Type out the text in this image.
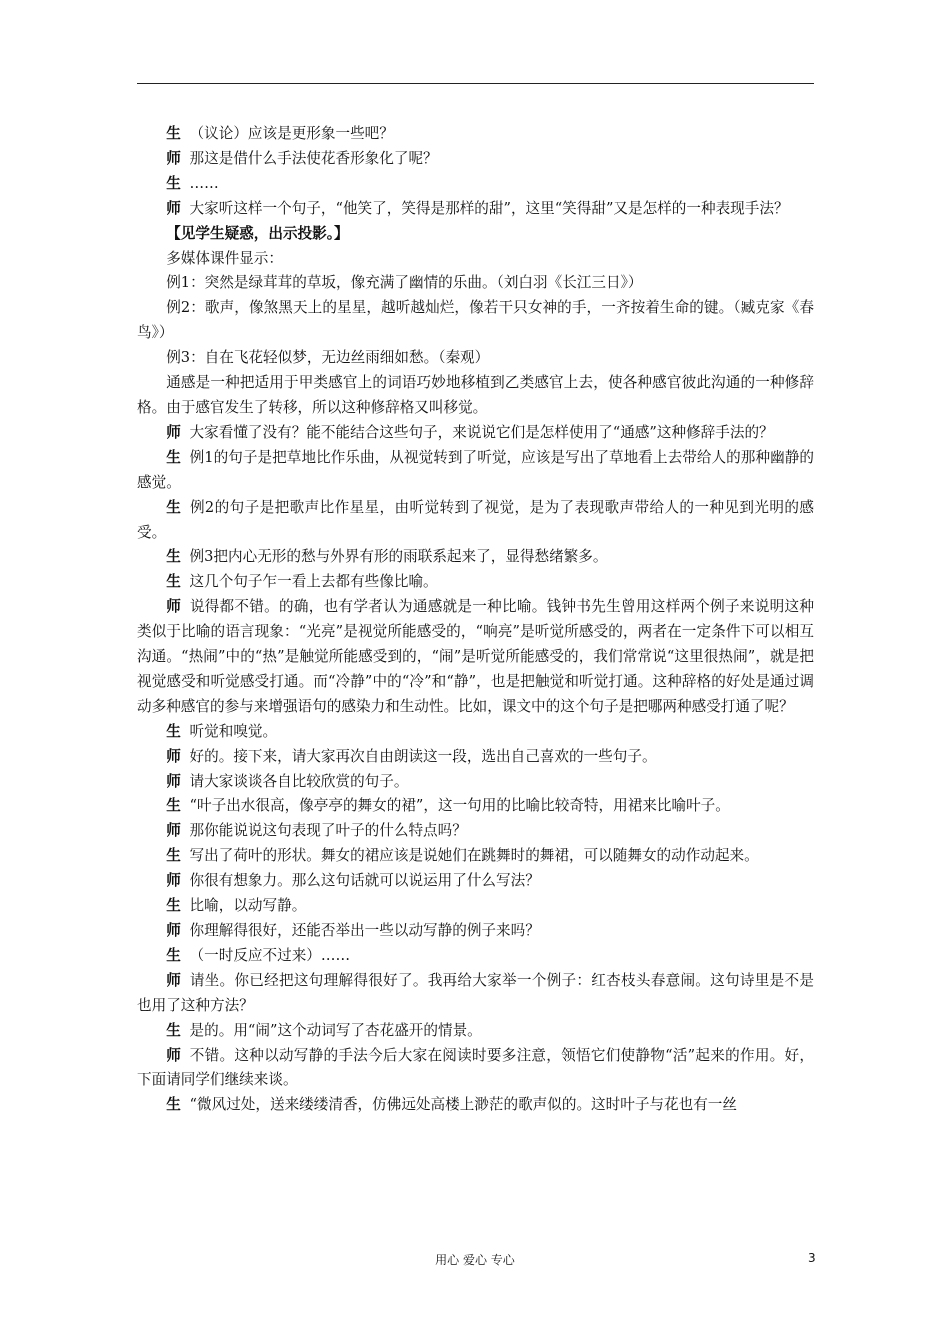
生 （议论）应该是更形象一些吧？

师 那这是借什么手法使花香形象化了呢？

生 ……

师 大家听这样一个句子，“他笑了，笑得是那样的甜”，这里“笑得甜”又是怎样的一种表现手法？

【见学生疑惑，出示投影。】

多媒体课件显示：

例1：突然是绿茸茸的草坂，像充满了幽情的乐曲。（刘白羽《长江三日》）

例2：歌声，像煞黑天上的星星，越听越灿烂，像若干只女神的手，一齐按着生命的键。（臧克家《春鸟》）

例3：自在飞花轻似梦，无边丝雨细如愁。（秦观）

通感是一种把适用于甲类感官上的词语巧妙地移植到乙类感官上去，使各种感官彼此沟通的一种修辞格。由于感官发生了转移，所以这种修辞格又叫移觉。

师 大家看懂了没有？能不能结合这些句子，来说说它们是怎样使用了“通感”这种修辞手法的？

生 例1的句子是把草地比作乐曲，从视觉转到了听觉，应该是写出了草地看上去带给人的那种幽静的感觉。

生 例2的句子是把歌声比作星星，由听觉转到了视觉，是为了表现歌声带给人的一种见到光明的感受。

生 例3把内心无形的愁与外界有形的雨联系起来了，显得愁绪繁多。

生 这几个句子乍一看上去都有些像比喻。

师 说得都不错。的确，也有学者认为通感就是一种比喻。钱钟书先生曾用这样两个例子来说明这种类似于比喻的语言现象：“光亮”是视觉所能感受的，“响亮”是听觉所感受的，两者在一定条件下可以相互沟通。“热闹”中的“热”是触觉所能感受到的，“闹”是听觉所能感受的，我们常常说“这里很热闹”，就是把视觉感受和听觉感受打通。而“冷静”中的“冷”和“静”，也是把触觉和听觉打通。这种辞格的好处是通过调动多种感官的参与来增强语句的感染力和生动性。比如，课文中的这个句子是把哪两种感受打通了呢？

生 听觉和嗅觉。

师 好的。接下来，请大家再次自由朗读这一段，选出自己喜欢的一些句子。

师 请大家谈谈各自比较欣赏的句子。

生 “叶子出水很高，像亭亭的舞女的裙”，这一句用的比喻比较奇特，用裙来比喻叶子。

师 那你能说说这句表现了叶子的什么特点吗？

生 写出了荷叶的形状。舞女的裙应该是说她们在跳舞时的舞裙，可以随舞女的动作动起来。

师 你很有想象力。那么这句话就可以说运用了什么写法？

生 比喻，以动写静。

师 你理解得很好，还能否举出一些以动写静的例子来吗？

生 （一时反应不过来）……

师 请坐。你已经把这句理解得很好了。我再给大家举一个例子：红杏枝头春意闹。这句诗里是不是也用了这种方法？

生 是的。用“闹”这个动词写了杏花盛开的情景。

师 不错。这种以动写静的手法今后大家在阅读时要多注意，领悟它们使静物“活”起来的作用。好，下面请同学们继续来谈。

生 “微风过处，送来缕缕清香，仿佛远处高楼上渺茫的歌声似的。这时叶子与花也有一丝

用心 爱心 专心	3
